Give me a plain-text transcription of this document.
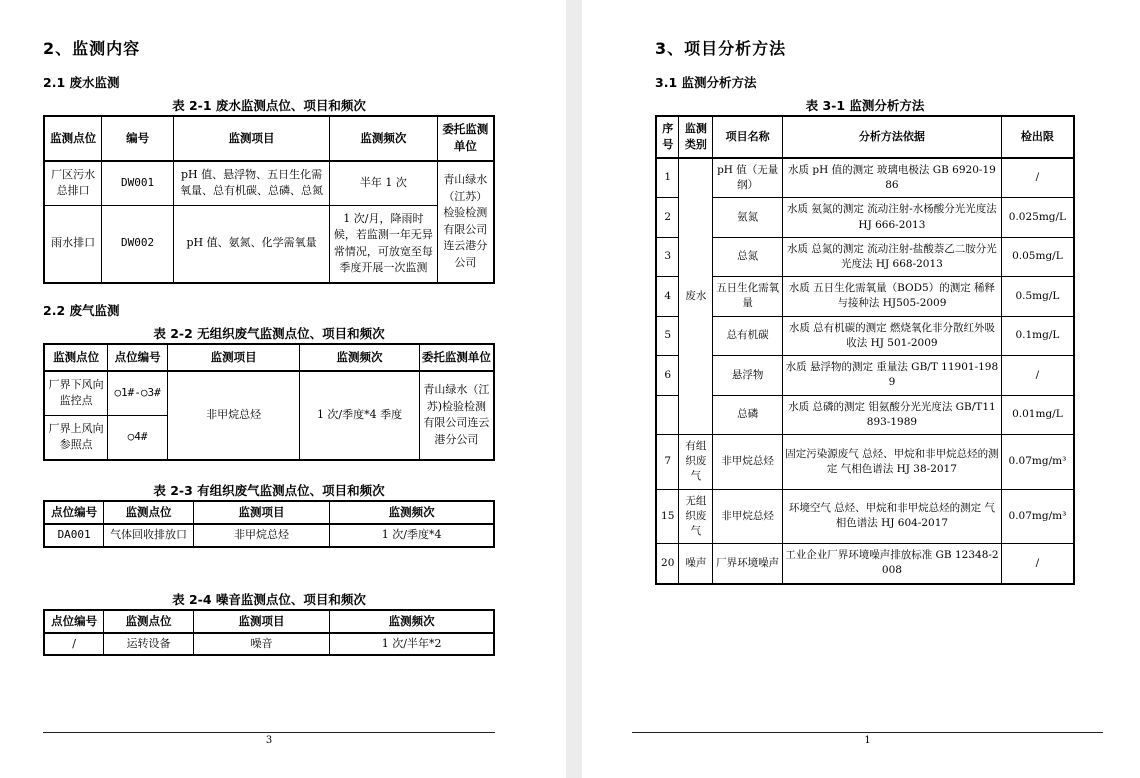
2、监测内容
2.1 废水监测
表 2-1 废水监测点位、项目和频次
监测点位	编号	监测项目	监测频次	委托监测单位
厂区污水总排口	DW001	pH 值、悬浮物、五日生化需氧量、总有机碳、总磷、总氮	半年 1 次	青山绿水（江苏）检验检测有限公司连云港分公司
雨水排口	DW002	pH 值、氨氮、化学需氧量	1 次/月，降雨时候，若监测一年无异常情况，可放宽至每季度开展一次监测	
2.2 废气监测
表 2-2 无组织废气监测点位、项目和频次
监测点位	点位编号	监测项目	监测频次	委托监测单位
厂界下风向监控点	○1#-○3#	非甲烷总烃	1 次/季度*4 季度	青山绿水（江苏)检验检测有限公司连云港分公司
厂界上风向参照点	○4#			
表 2-3 有组织废气监测点位、项目和频次
点位编号	监测点位	监测项目	监测频次
DA001	气体回收排放口	非甲烷总烃	1 次/季度*4
表 2-4 噪音监测点位、项目和频次
点位编号	监测点位	监测项目	监测频次
/	运转设备	噪音	1 次/半年*2
3
3、项目分析方法
3.1 监测分析方法
表 3-1 监测分析方法
序号	监测类别	项目名称	分析方法依据	检出限
1	废水	pH 值（无量纲）	水质 pH 值的测定 玻璃电极法 GB 6920-1986	/
2		氨氮	水质 氨氮的测定 流动注射-水杨酸分光光度法 HJ 666-2013	0.025mg/L
3		总氮	水质 总氮的测定 流动注射-盐酸萘乙二胺分光光度法 HJ 668-2013	0.05mg/L
4		五日生化需氧量	水质 五日生化需氧量（BOD5）的测定 稀释与接种法 HJ505-2009	0.5mg/L
5		总有机碳	水质 总有机碳的测定 燃烧氧化非分散红外吸收法 HJ 501-2009	0.1mg/L
6		悬浮物	水质 悬浮物的测定 重量法 GB/T 11901-1989	/
		总磷	水质 总磷的测定 钼氨酸分光光度法 GB/T11893-1989	0.01mg/L
7	有组织废气	非甲烷总烃	固定污染源废气 总烃、甲烷和非甲烷总烃的测定 气相色谱法 HJ 38-2017	0.07mg/m³
15	无组织废气	非甲烷总烃	环境空气 总烃、甲烷和非甲烷总烃的测定 气相色谱法 HJ 604-2017	0.07mg/m³
20	噪声	厂界环境噪声	工业企业厂界环境噪声排放标准 GB 12348-2008	/
1
